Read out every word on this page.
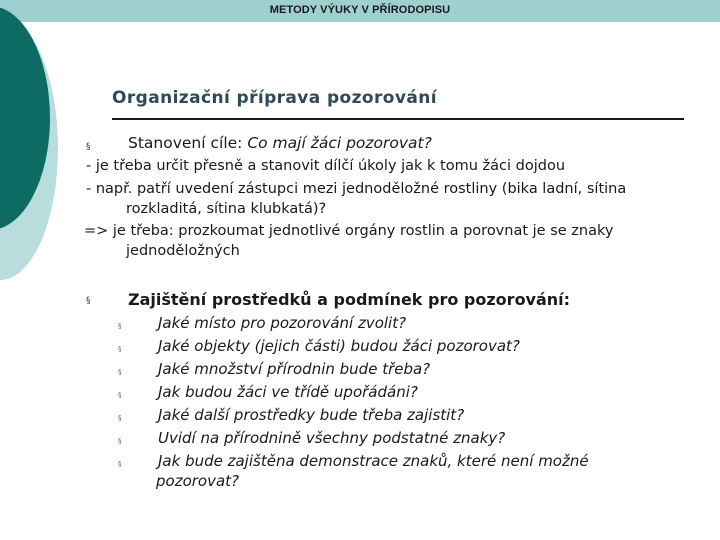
METODY VÝUKY V PŘÍRODOPISU
Organizační příprava pozorování
§ Stanovení cíle: Co mají žáci pozorovat?
- je třeba určit přesně a stanovit dílčí úkoly jak k tomu žáci dojdou
- např. patří uvedení zástupci mezi jednoděložné rostliny (bika ladní, sítina
rozkladitá, sítina klubkatá)?
=> je třeba: prozkoumat jednotlivé orgány rostlin a porovnat je se znaky
jednoděložných
§ Zajištění prostředků a podmínek pro pozorování:
§ Jaké místo pro pozorování zvolit?
§ Jaké objekty (jejich části) budou žáci pozorovat?
§ Jaké množství přírodnin bude třeba?
§ Jak budou žáci ve třídě upořádáni?
§ Jaké další prostředky bude třeba zajistit?
§ Uvidí na přírodnině všechny podstatné znaky?
§ Jak bude zajištěna demonstrace znaků, které není možné
pozorovat?
